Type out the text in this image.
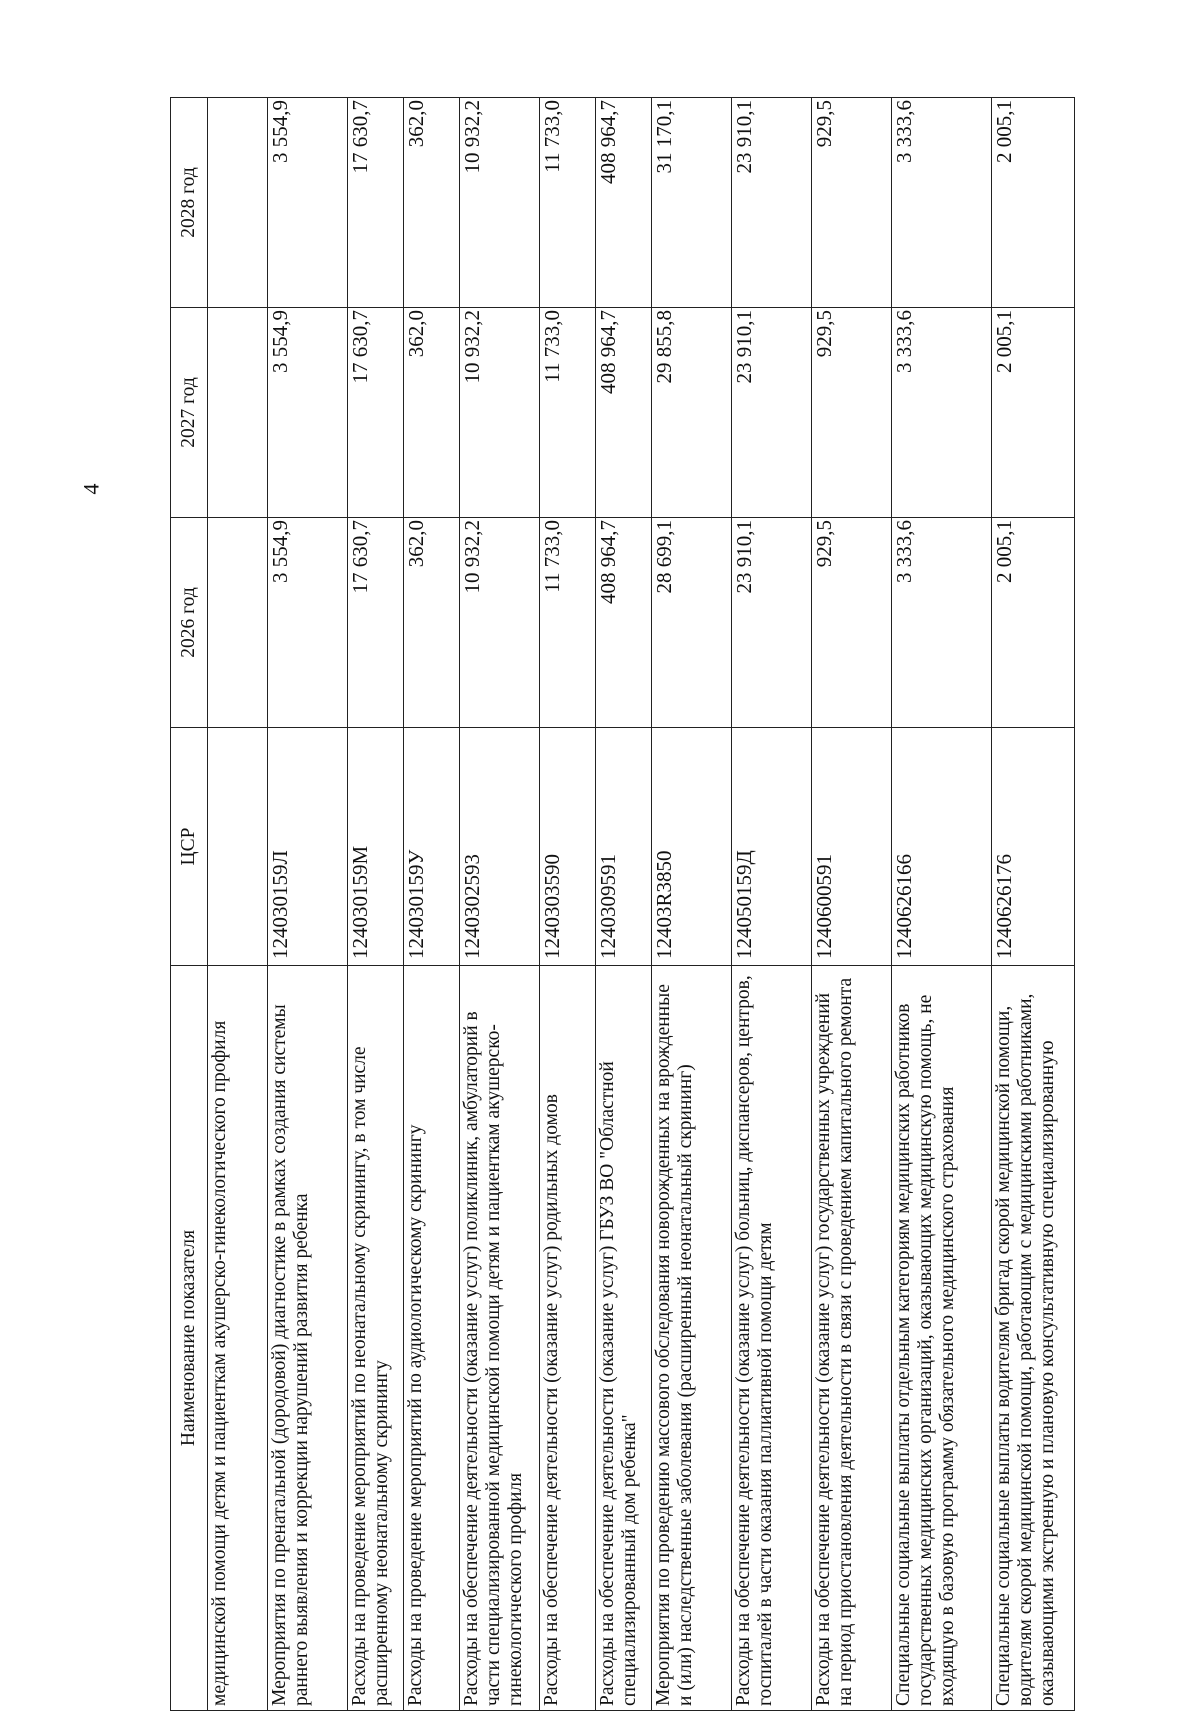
4
Наименование показателя	ЦСР	2026 год	2027 год	2028 год
медицинской помощи детям и пациенткам акушерско-гинекологического профиля				
Мероприятия по пренатальной (дородовой) диагностике в рамках создания системы раннего выявления и коррекции нарушений развития ребенка	124030159Л	3 554,9	3 554,9	3 554,9
Расходы на проведение мероприятий по неонатальному скринингу, в том числе расширенному неонатальному скринингу	124030159М	17 630,7	17 630,7	17 630,7
Расходы на проведение мероприятий по аудиологическому скринингу	124030159У	362,0	362,0	362,0
Расходы на обеспечение деятельности (оказание услуг) поликлиник, амбулаторий в части специализированной медицинской помощи детям и пациенткам акушерско-гинекологического профиля	1240302593	10 932,2	10 932,2	10 932,2
Расходы на обеспечение деятельности (оказание услуг) родильных домов	1240303590	11 733,0	11 733,0	11 733,0
Расходы на обеспечение деятельности (оказание услуг) ГБУЗ ВО "Областной специализированный дом ребенка"	1240309591	408 964,7	408 964,7	408 964,7
Мероприятия по проведению массового обследования новорожденных на врожденные и (или) наследственные заболевания (расширенный неонатальный скрининг)	12403R3850	28 699,1	29 855,8	31 170,1
Расходы на обеспечение деятельности (оказание услуг) больниц, диспансеров, центров, госпиталей в части оказания паллиативной помощи детям	124050159Д	23 910,1	23 910,1	23 910,1
Расходы на обеспечение деятельности (оказание услуг) государственных учреждений на период приостановления деятельности в связи с проведением капитального ремонта	1240600591	929,5	929,5	929,5
Специальные социальные выплаты отдельным категориям медицинских работников государственных медицинских организаций, оказывающих медицинскую помощь, не входящую в базовую программу обязательного медицинского страхования	1240626166	3 333,6	3 333,6	3 333,6
Специальные социальные выплаты водителям бригад скорой медицинской помощи, водителям скорой медицинской помощи, работающим с медицинскими работниками, оказывающими экстренную и плановую консультативную специализированную	1240626176	2 005,1	2 005,1	2 005,1
